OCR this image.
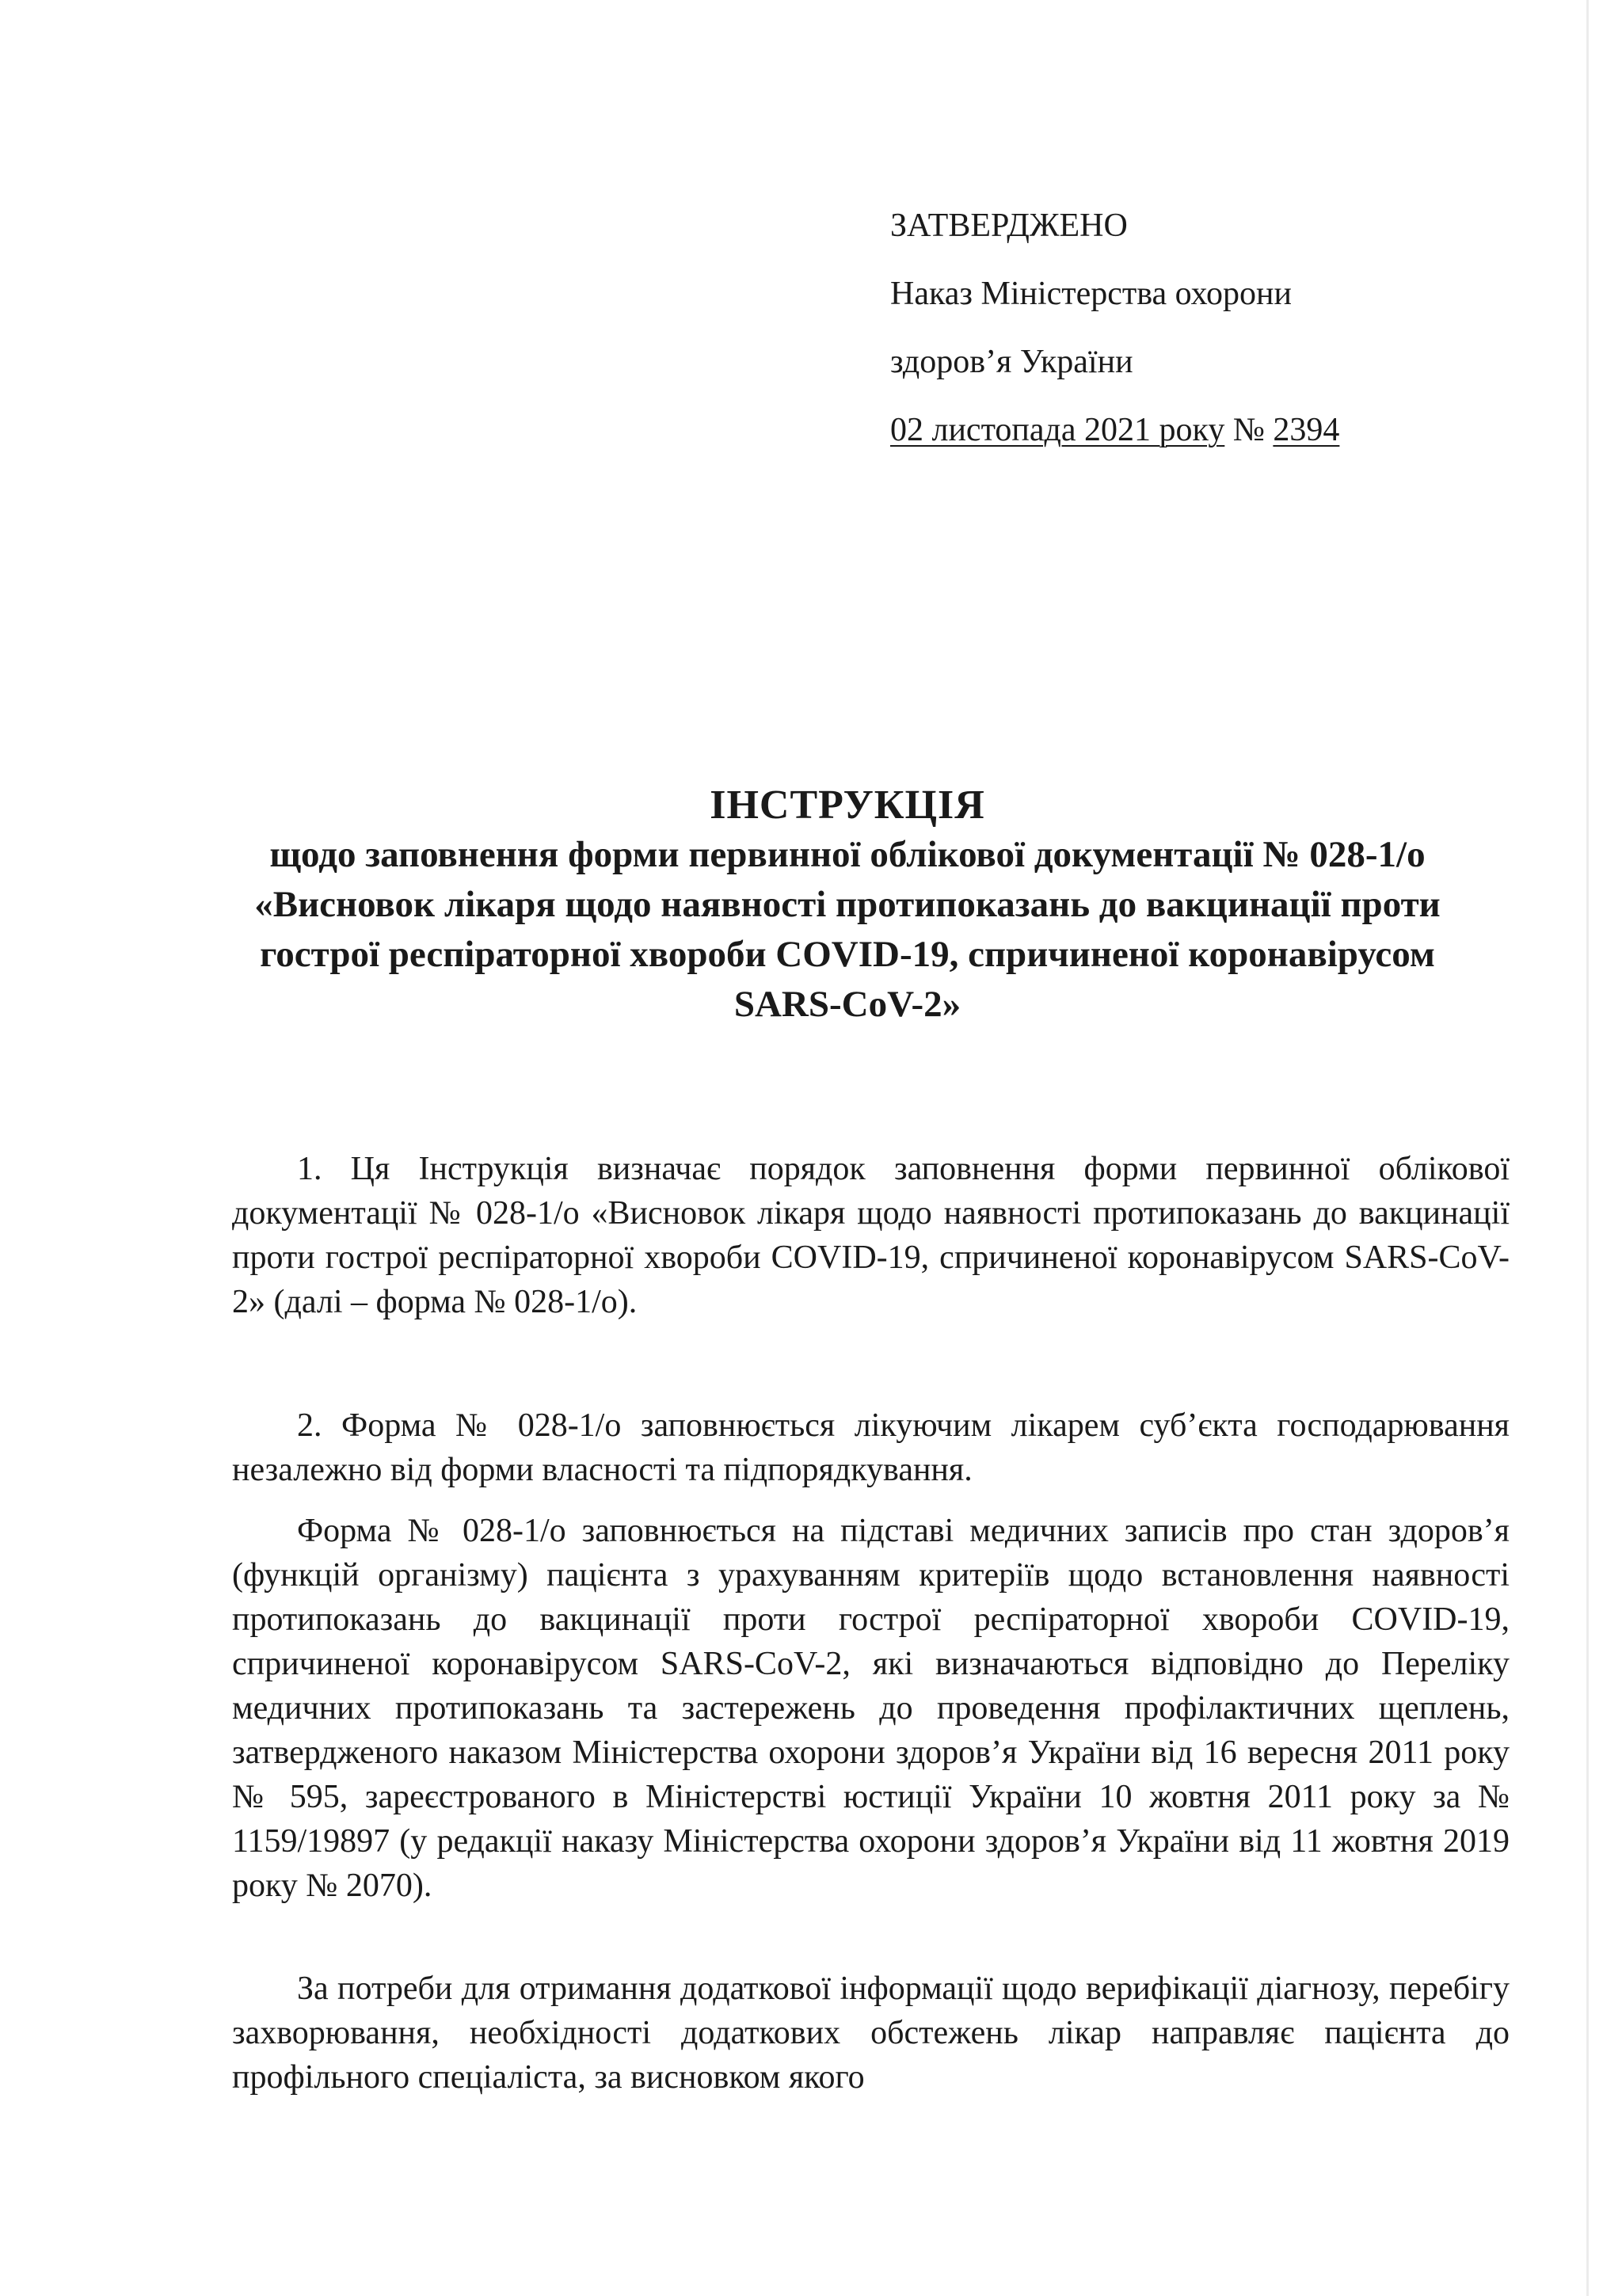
ЗАТВЕРДЖЕНО
Наказ Міністерства охорони
здоров’я України
02 листопада 2021 року № 2394
ІНСТРУКЦІЯ
щодо заповнення форми первинної облікової документації № 028-1/о «Висновок лікаря щодо наявності протипоказань до вакцинації проти гострої респіраторної хвороби COVID-19, спричиненої коронавірусом SARS-CoV-2»

1. Ця Інструкція визначає порядок заповнення форми первинної облікової документації № 028-1/о «Висновок лікаря щодо наявності протипоказань до вакцинації проти гострої респіраторної хвороби COVID-19, спричиненої коронавірусом SARS-CoV-2» (далі – форма № 028-1/о).

2. Форма № 028-1/о заповнюється лікуючим лікарем суб’єкта господарювання незалежно від форми власності та підпорядкування.

Форма № 028-1/о заповнюється на підставі медичних записів про стан здоров’я (функцій організму) пацієнта з урахуванням критеріїв щодо встановлення наявності протипоказань до вакцинації проти гострої респіраторної хвороби COVID-19, спричиненої коронавірусом SARS-CoV-2, які визначаються відповідно до Переліку медичних протипоказань та застережень до проведення профілактичних щеплень, затвердженого наказом Міністерства охорони здоров’я України від 16 вересня 2011 року № 595, зареєстрованого в Міністерстві юстиції України 10 жовтня 2011 року за № 1159/19897 (у редакції наказу Міністерства охорони здоров’я України від 11 жовтня 2019 року № 2070).

За потреби для отримання додаткової інформації щодо верифікації діагнозу, перебігу захворювання, необхідності додаткових обстежень лікар направляє пацієнта до профільного спеціаліста, за висновком якого
